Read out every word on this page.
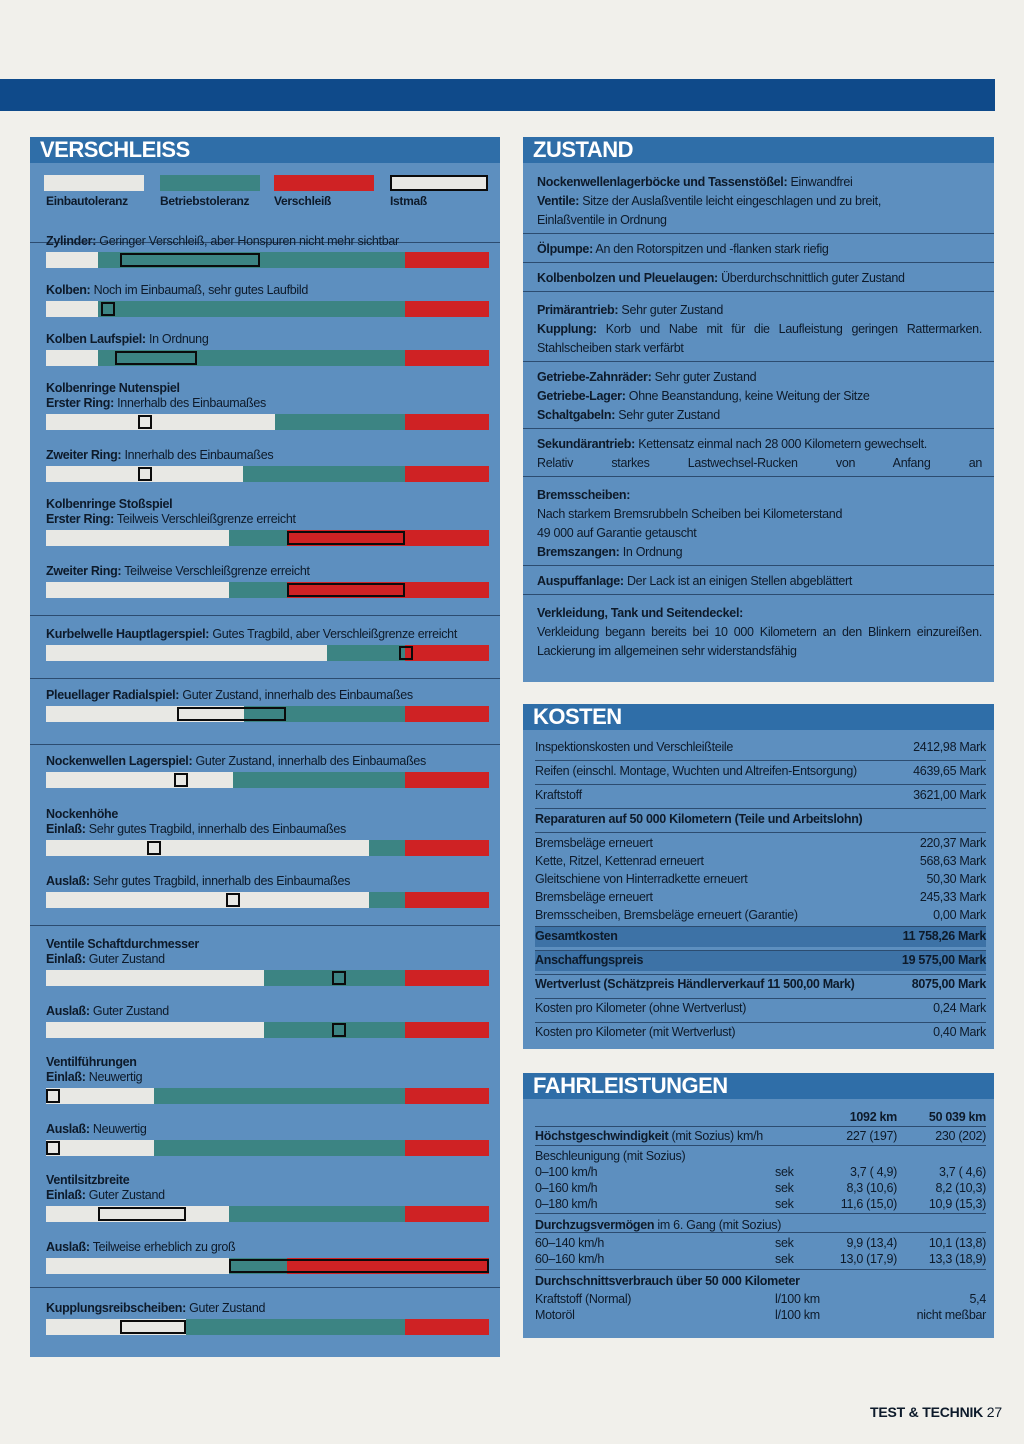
VERSCHLEISS
Einbautoleranz	Betriebstoleranz Verschleiß	Istmaß
Zylinder: Geringer Verschleiß, aber Honspuren nicht mehr sichtbar
Kolben: Noch im Einbaumaß, sehr gutes Laufbild
Kolben Laufspiel: In Ordnung
Kolbenringe Nutenspiel
Erster Ring: Innerhalb des Einbaumaßes
Zweiter Ring: Innerhalb des Einbaumaßes
Kolbenringe Stoßspiel
Erster Ring: Teilweis Verschleißgrenze erreicht
Zweiter Ring: Teilweise Verschleißgrenze erreicht
Kurbelwelle Hauptlagerspiel: Gutes Tragbild, aber Verschleißgrenze erreicht
Pleuellager Radialspiel: Guter Zustand, innerhalb des Einbaumaßes
Nockenwellen Lagerspiel: Guter Zustand, innerhalb des Einbaumaßes
Nockenhöhe
Einlaß: Sehr gutes Tragbild, innerhalb des Einbaumaßes
Auslaß: Sehr gutes Tragbild, innerhalb des Einbaumaßes
Ventile Schaftdurchmesser
Einlaß: Guter Zustand
Auslaß: Guter Zustand
Ventilführungen
Einlaß: Neuwertig
Auslaß: Neuwertig
Ventilsitzbreite
Einlaß: Guter Zustand
Auslaß: Teilweise erheblich zu groß
Kupplungsreibscheiben: Guter Zustand
ZUSTAND
Nockenwellenlagerböcke und Tassenstößel: Einwandfrei
Ventile: Sitze der Auslaßventile leicht eingeschlagen und zu breit,
Einlaßventile in Ordnung
Ölpumpe: An den Rotorspitzen und -flanken stark riefig
Kolbenbolzen und Pleuelaugen: Überdurchschnittlich guter Zustand
Primärantrieb: Sehr guter Zustand
Kupplung: Korb und Nabe mit für die Laufleistung geringen Rattermarken.
Stahlscheiben stark verfärbt
Getriebe-Zahnräder: Sehr guter Zustand
Getriebe-Lager: Ohne Beanstandung, keine Weitung der Sitze
Schaltgabeln: Sehr guter Zustand
Sekundärantrieb: Kettensatz einmal nach 28 000 Kilometern gewechselt.
Relativ starkes Lastwechsel-Rucken von Anfang an
Bremsscheiben:
Nach starkem Bremsrubbeln Scheiben bei Kilometerstand
49 000 auf Garantie getauscht
Bremszangen: In Ordnung
Auspuffanlage: Der Lack ist an einigen Stellen abgeblättert
Verkleidung, Tank und Seitendeckel:
Verkleidung begann bereits bei 10 000 Kilometern an den Blinkern einzureißen.
Lackierung im allgemeinen sehr widerstandsfähig
KOSTEN
Inspektionskosten und Verschleißteile	2412,98 Mark
Reifen (einschl. Montage, Wuchten und Altreifen-Entsorgung)	4639,65 Mark
Kraftstoff	3621,00 Mark
Reparaturen auf 50 000 Kilometern (Teile und Arbeitslohn)
Bremsbeläge erneuert	220,37 Mark
Kette, Ritzel, Kettenrad erneuert	568,63 Mark
Gleitschiene von Hinterradkette erneuert	50,30 Mark
Bremsbeläge erneuert	245,33 Mark
Bremsscheiben, Bremsbeläge erneuert (Garantie)	0,00 Mark
Gesamtkosten	11 758,26 Mark
Anschaffungspreis	19 575,00 Mark
Wertverlust (Schätzpreis Händlerverkauf 11 500,00 Mark)	8075,00 Mark
Kosten pro Kilometer (ohne Wertverlust)	0,24 Mark
Kosten pro Kilometer (mit Wertverlust)	0,40 Mark
FAHRLEISTUNGEN
1092 km	50 039 km
Höchstgeschwindigkeit (mit Sozius) km/h	227 (197)	230 (202)
Beschleunigung (mit Sozius)
0–100 km/h	sek	3,7 ( 4,9)	3,7 ( 4,6)
0–160 km/h	sek	8,3 (10,6)	8,2 (10,3)
0–180 km/h	sek	11,6 (15,0)	10,9 (15,3)
Durchzugsvermögen im 6. Gang (mit Sozius)
60–140 km/h	sek	9,9 (13,4)	10,1 (13,8)
60–160 km/h	sek	13,0 (17,9)	13,3 (18,9)
Durchschnittsverbrauch über 50 000 Kilometer
Kraftstoff (Normal)	l/100 km	5,4
Motoröl	l/100 km	nicht meßbar
TEST & TECHNIK 27
